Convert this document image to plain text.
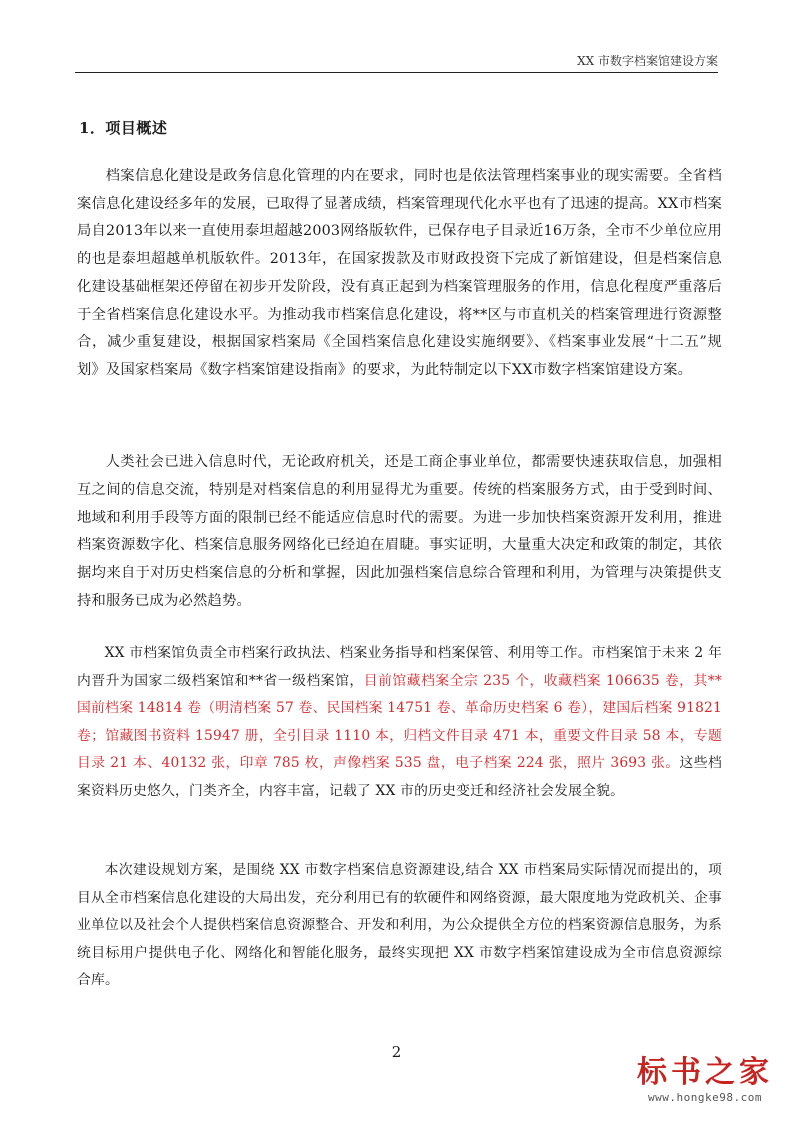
XX 市数字档案馆建设方案
1．项目概述

档案信息化建设是政务信息化管理的内在要求，同时也是依法管理档案事业的现实需要。全省档案信息化建设经多年的发展，已取得了显著成绩，档案管理现代化水平也有了迅速的提高。XX市档案局自2013年以来一直使用泰坦超越2003网络版软件，已保存电子目录近16万条，全市不少单位应用的也是泰坦超越单机版软件。2013年，在国家拨款及市财政投资下完成了新馆建设，但是档案信息化建设基础框架还停留在初步开发阶段，没有真正起到为档案管理服务的作用，信息化程度严重落后于全省档案信息化建设水平。为推动我市档案信息化建设，将**区与市直机关的档案管理进行资源整合，减少重复建设，根据国家档案局《全国档案信息化建设实施纲要》、《档案事业发展“十二五”规划》及国家档案局《数字档案馆建设指南》的要求，为此特制定以下XX市数字档案馆建设方案。

人类社会已进入信息时代，无论政府机关，还是工商企事业单位，都需要快速获取信息，加强相互之间的信息交流，特别是对档案信息的利用显得尤为重要。传统的档案服务方式，由于受到时间、地域和利用手段等方面的限制已经不能适应信息时代的需要。为进一步加快档案资源开发利用，推进档案资源数字化、档案信息服务网络化已经迫在眉睫。事实证明，大量重大决定和政策的制定，其依据均来自于对历史档案信息的分析和掌握，因此加强档案信息综合管理和利用，为管理与决策提供支持和服务已成为必然趋势。

XX 市档案馆负责全市档案行政执法、档案业务指导和档案保管、利用等工作。市档案馆于未来 2 年内晋升为国家二级档案馆和**省一级档案馆，目前馆藏档案全宗 235 个，收藏档案 106635 卷，其**国前档案 14814 卷（明清档案 57 卷、民国档案 14751 卷、革命历史档案 6 卷），建国后档案 91821 卷；馆藏图书资料 15947 册，全引目录 1110 本，归档文件目录 471 本，重要文件目录 58 本，专题目录 21 本、40132 张，印章 785 枚，声像档案 535 盘，电子档案 224 张，照片 3693 张。这些档案资料历史悠久，门类齐全，内容丰富，记载了 XX 市的历史变迁和经济社会发展全貌。

本次建设规划方案，是围绕 XX 市数字档案信息资源建设,结合 XX 市档案局实际情况而提出的，项目从全市档案信息化建设的大局出发，充分利用已有的软硬件和网络资源，最大限度地为党政机关、企事业单位以及社会个人提供档案信息资源整合、开发和利用，为公众提供全方位的档案资源信息服务，为系统目标用户提供电子化、网络化和智能化服务，最终实现把 XX 市数字档案馆建设成为全市信息资源综合库。

2
标书之家
www.hongke98.com
